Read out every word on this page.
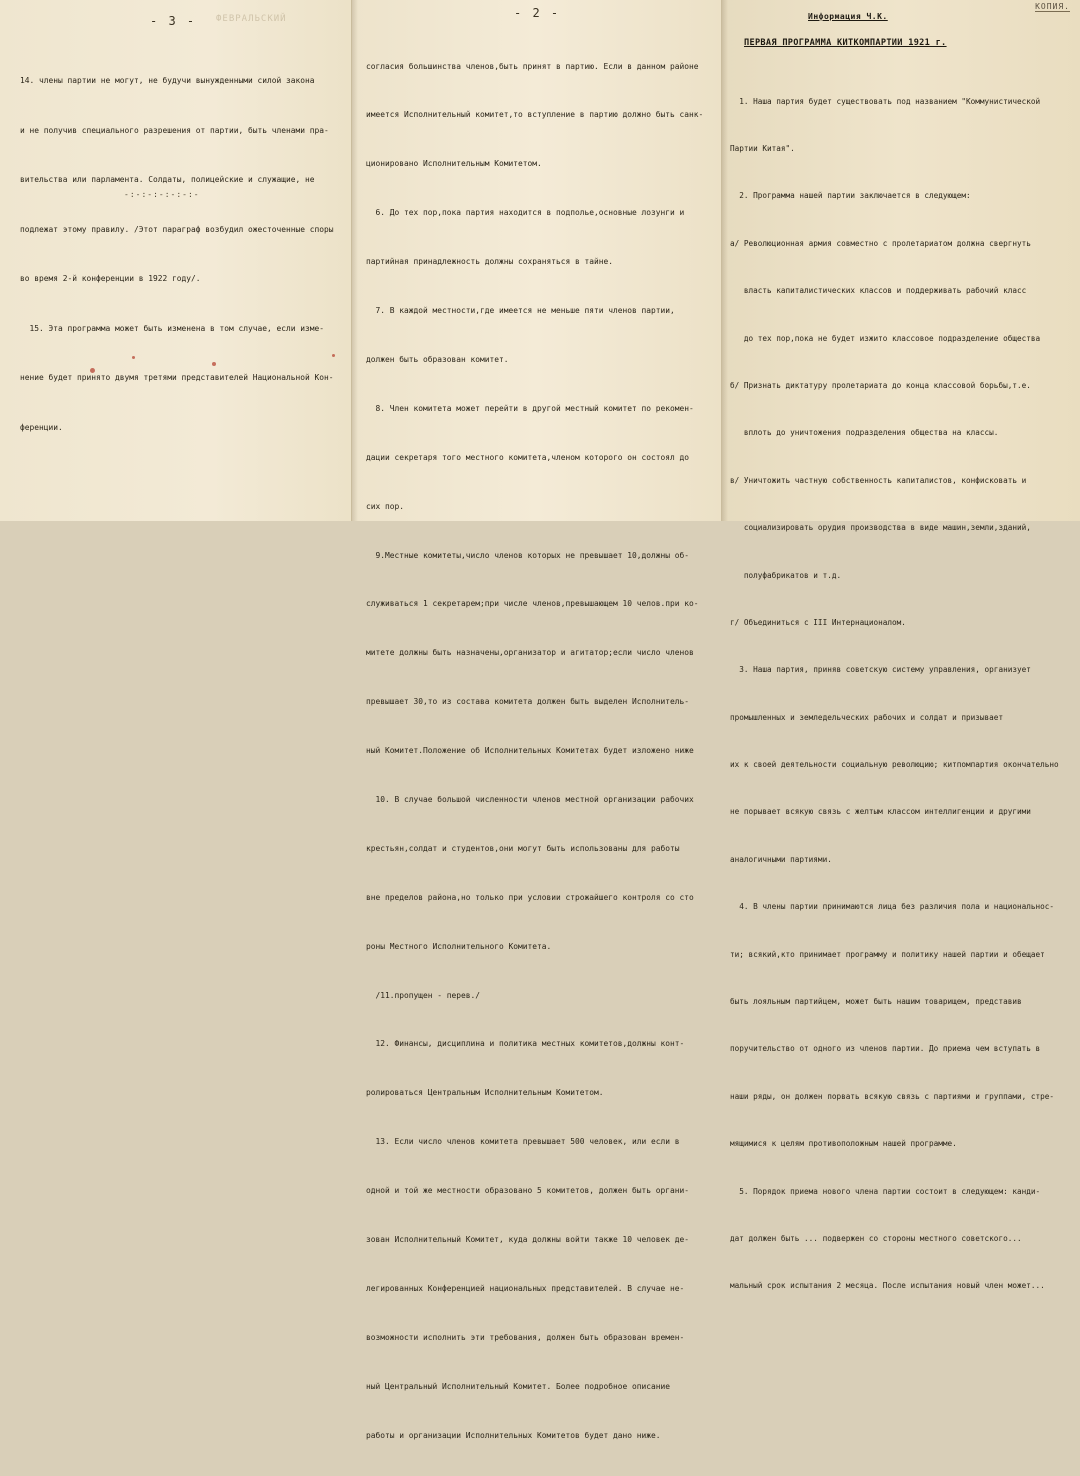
- 3 - ФЕВРАЛЬСКИЙ

14. члены партии не могут, не будучи вынужденными силой закона

и не получив специального разрешения от партии, быть членами пра-

вительства или парламента. Солдаты, полицейские и служащие, не

подлежат этому правилу. /Этот параграф возбудил ожесточенные споры

во время 2-й конференции в 1922 году/.

15. Эта программа может быть изменена в том случае, если изме-

нение будет принято двумя третями представителей Национальной Кон-

ференции.

-:-:-:-:-:-:-
- 2 -

согласия большинства членов,быть принят в партию. Если в данном районе

имеется Исполнительный комитет,то вступление в партию должно быть санк-

ционировано Исполнительным Комитетом.

6. До тех пор,пока партия находится в подполье,основные лозунги и

партийная принадлежность должны сохраняться в тайне.

7. В каждой местности,где имеется не меньше пяти членов партии,

должен быть образован комитет.

8. Член комитета может перейти в другой местный комитет по рекомен-

дации секретаря того местного комитета,членом которого он состоял до

сих пор.

9.Местные комитеты,число членов которых не превышает 10,должны об-

служиваться 1 секретарем;при числе членов,превышающем 10 челов.при ко-

митете должны быть назначены,организатор и агитатор;если число членов

превышает 30,то из состава комитета должен быть выделен Исполнитель-

ный Комитет.Положение об Исполнительных Комитетах будет изложено ниже

10. В случае большой численности членов местной организации рабочих

крестьян,солдат и студентов,они могут быть использованы для работы

вне пределов района,но только при условии строжайшего контроля со сто

роны Местного Исполнительного Комитета.

/11.пропущен - перев./

12. Финансы, дисциплина и политика местных комитетов,должны конт-

ролироваться Центральным Исполнительным Комитетом.

13. Если число членов комитета превышает 500 человек, или если в

одной и той же местности образовано 5 комитетов, должен быть органи-

зован Исполнительный Комитет, куда должны войти также 10 человек де-

легированных Конференцией национальных представителей. В случае не-

возможности исполнить эти требования, должен быть образован времен-

ный Центральный Исполнительный Комитет. Более подробное описание

работы и организации Исполнительных Комитетов будет дано ниже.

Информация Ч.К.
КОПИЯ.
ПЕРВАЯ ПРОГРАММА КИТКОМПАРТИИ 1921 г.

1. Наша партия будет существовать под названием "Коммунистической

Партии Китая".

2. Программа нашей партии заключается в следующем:

а/ Революционная армия совместно с пролетариатом должна свергнуть

власть капиталистических классов и поддерживать рабочий класс

до тех пор,пока не будет изжито классовое подразделение общества

б/ Признать диктатуру пролетариата до конца классовой борьбы,т.е.

вплоть до уничтожения подразделения общества на классы.

в/ Уничтожить частную собственность капиталистов, конфисковать и

социализировать орудия производства в виде машин,земли,зданий,

полуфабрикатов и т.д.

г/ Объединиться с III Интернационалом.

3. Наша партия, приняв советскую систему управления, организует

промышленных и земледельческих рабочих и солдат и призывает

их к своей деятельности социальную революцию; китпомпартия окончательно

не порывает всякую связь с желтым классом интеллигенции и другими

аналогичными партиями.

4. В члены партии принимаются лица без различия пола и национальнос-

ти; всякий,кто принимает программу и политику нашей партии и обещает

быть лояльным партийцем, может быть нашим товарищем, представив

поручительство от одного из членов партии. До приема чем вступать в

наши ряды, он должен порвать всякую связь с партиями и группами, стре-

мящимися к целям противоположным нашей программе.

5. Порядок приема нового члена партии состоит в следующем: канди-

дат должен быть ... подвержен со стороны местного советского...

мальный срок испытания 2 месяца. После испытания новый член может...
